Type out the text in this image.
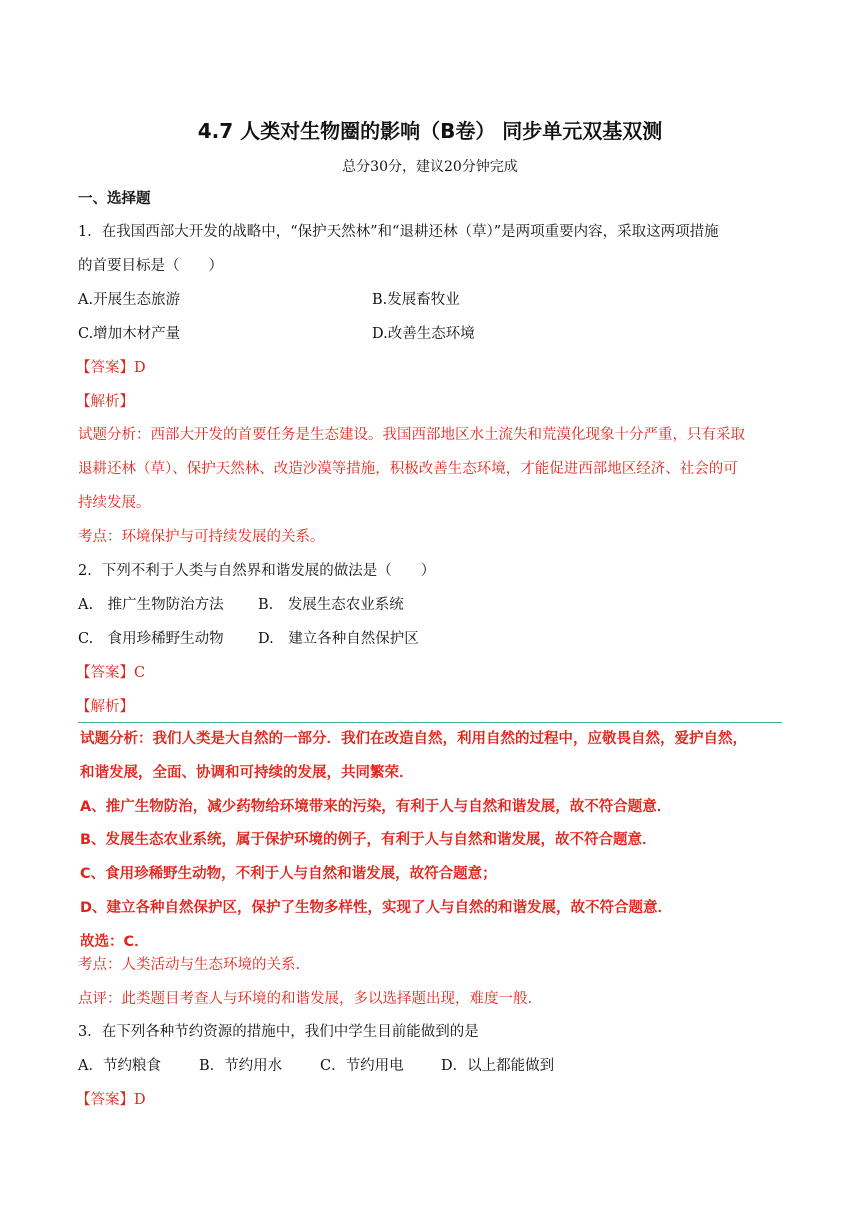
4.7 人类对生物圈的影响（B卷） 同步单元双基双测
总分30分，建议20分钟完成
一、选择题
1．在我国西部大开发的战略中，“保护天然林”和“退耕还林（草）”是两项重要内容，采取这两项措施
的首要目标是（　　）
A.开展生态旅游	B.发展畜牧业
C.增加木材产量	D.改善生态环境
【答案】D
【解析】
试题分析：西部大开发的首要任务是生态建设。我国西部地区水土流失和荒漠化现象十分严重，只有采取
退耕还林（草）、保护天然林、改造沙漠等措施，积极改善生态环境，才能促进西部地区经济、社会的可
持续发展。
考点：环境保护与可持续发展的关系。
2．下列不利于人类与自然界和谐发展的做法是（　　）
A.　推广生物防治方法 B.　发展生态农业系统
C.　食用珍稀野生动物 D.　建立各种自然保护区
【答案】C
【解析】
试题分析：我们人类是大自然的一部分．我们在改造自然，利用自然的过程中，应敬畏自然，爱护自然，
和谐发展，全面、协调和可持续的发展，共同繁荣．
A、推广生物防治，减少药物给环境带来的污染，有利于人与自然和谐发展，故不符合题意．
B、发展生态农业系统，属于保护环境的例子，有利于人与自然和谐发展，故不符合题意．
C、食用珍稀野生动物，不利于人与自然和谐发展，故符合题意；
D、建立各种自然保护区，保护了生物多样性，实现了人与自然的和谐发展，故不符合题意．
故选：C．
考点：人类活动与生态环境的关系.
点评：此类题目考查人与环境的和谐发展，多以选择题出现，难度一般.
3．在下列各种节约资源的措施中，我们中学生目前能做到的是
A．节约粮食	B．节约用水	C．节约用电	D．以上都能做到
【答案】D
